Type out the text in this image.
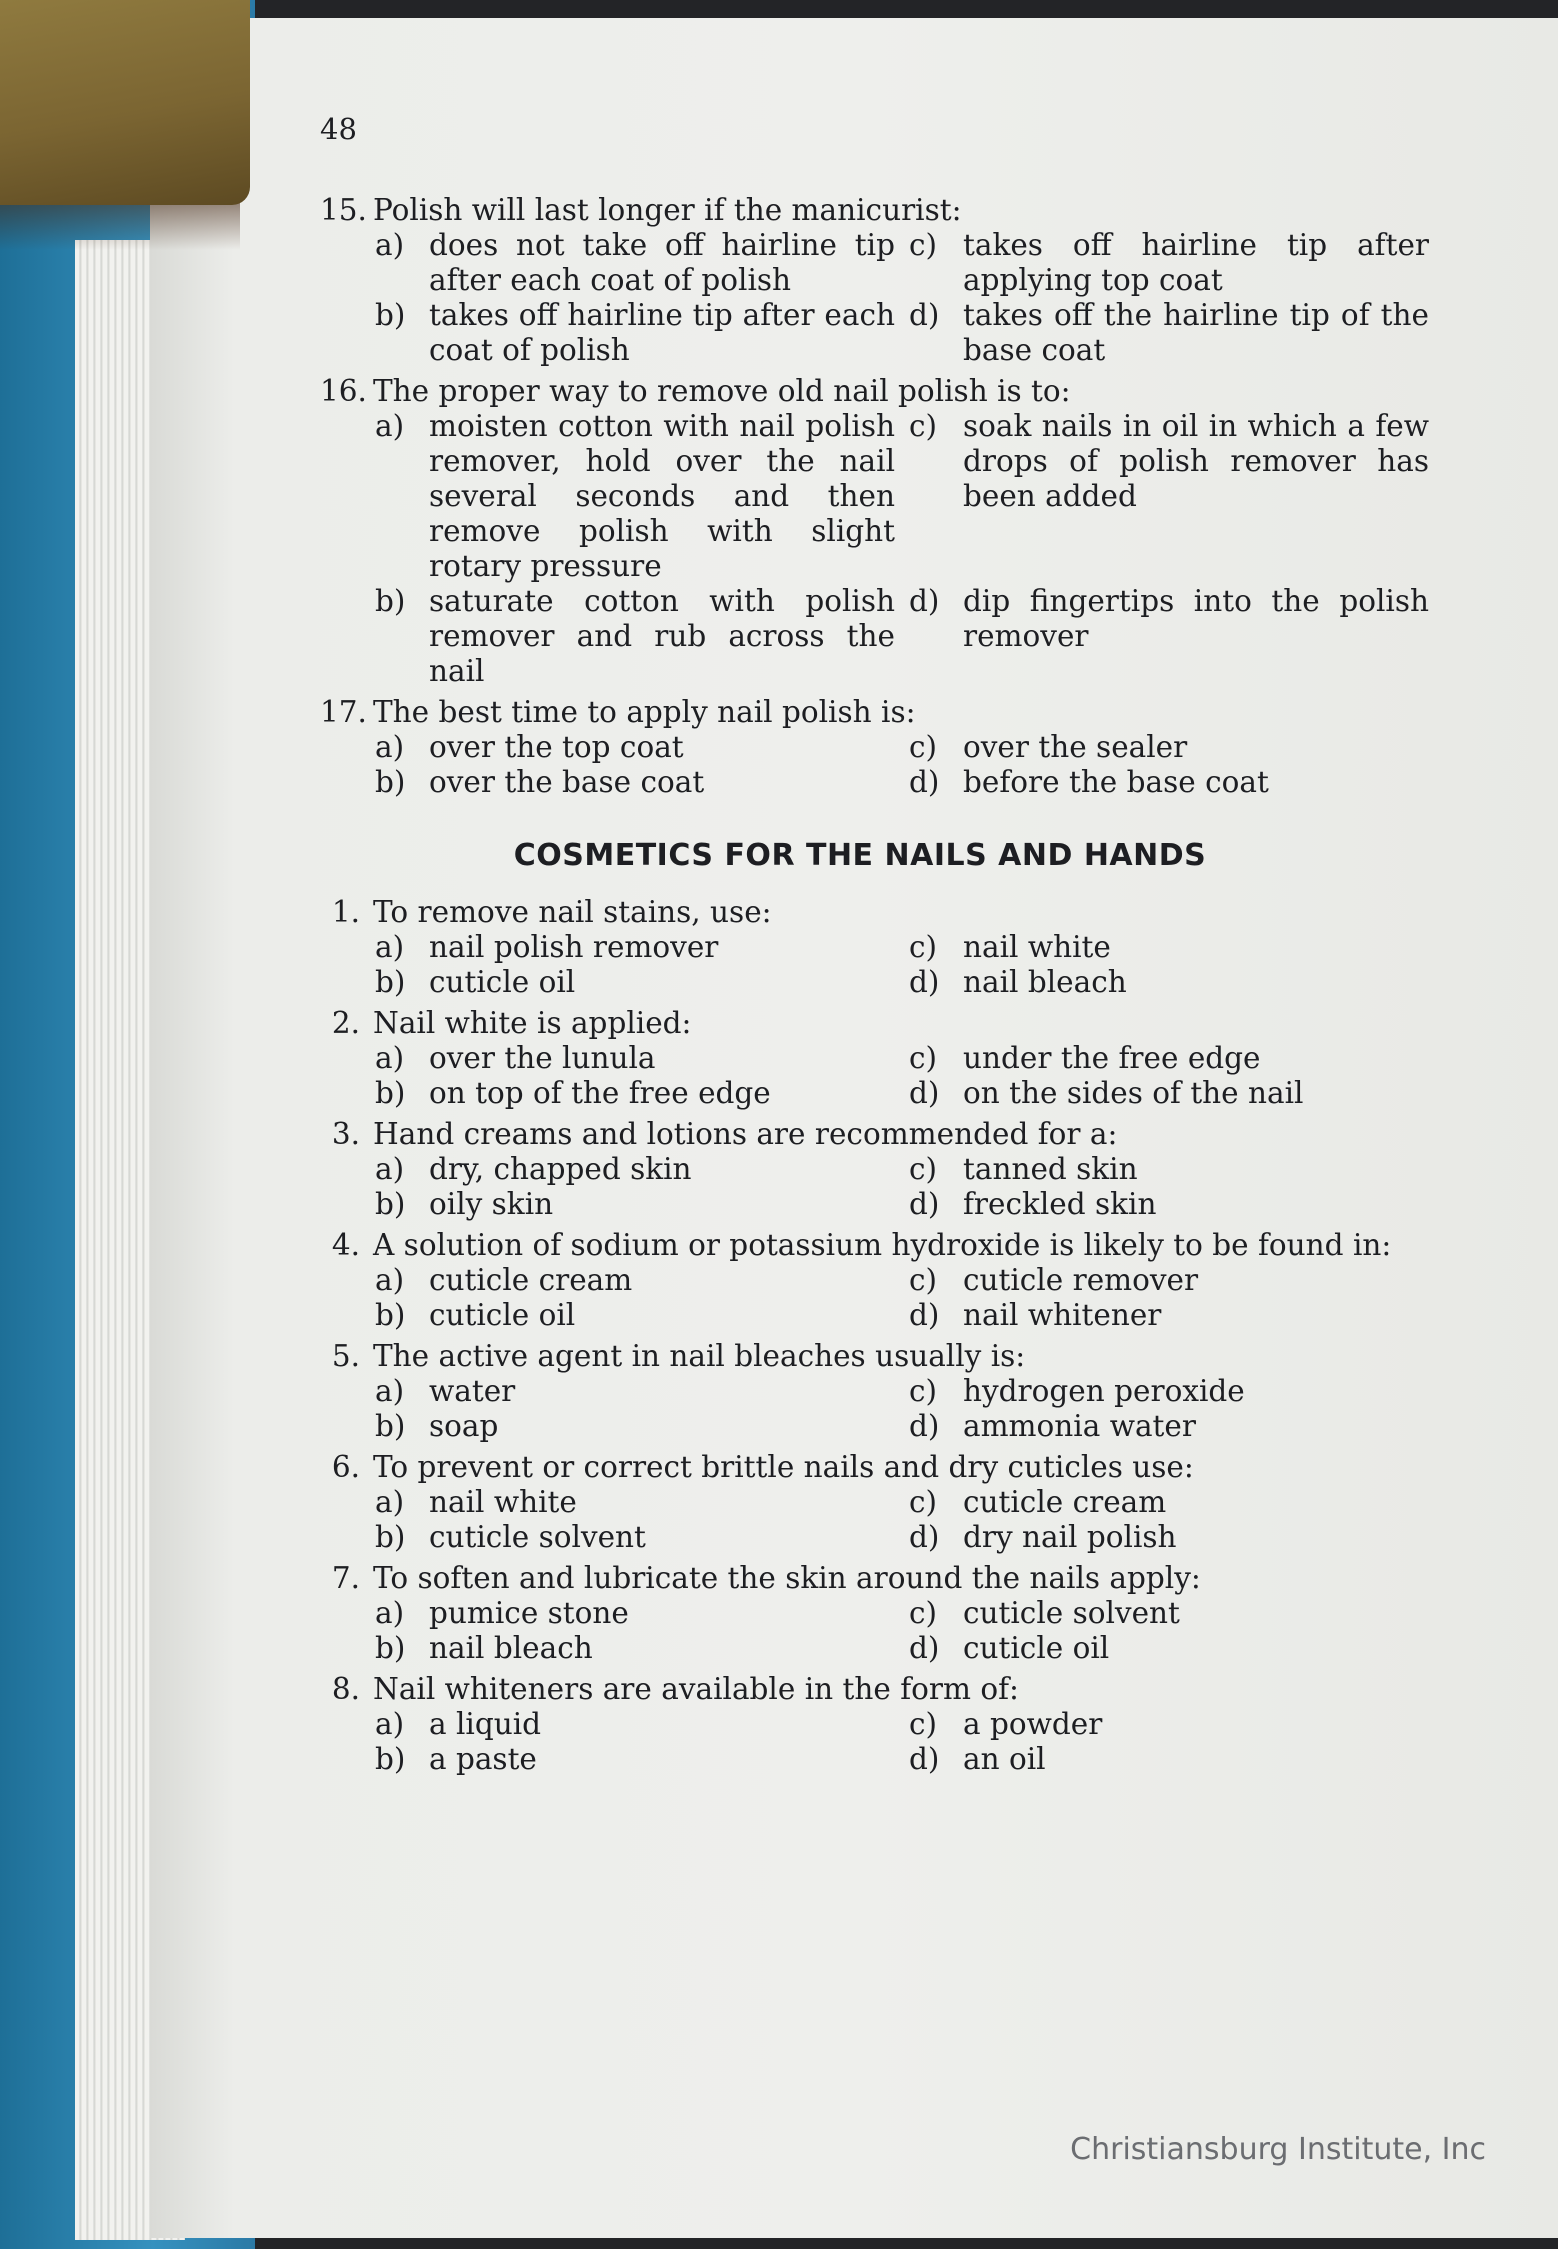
48
15. Polish will last longer if the manicurist:
a) does not take off hairline tip after each coat of polish
c) takes off hairline tip after applying top coat
b) takes off hairline tip after each coat of polish
d) takes off the hairline tip of the base coat
16. The proper way to remove old nail polish is to:
a) moisten cotton with nail polish remover, hold over the nail several seconds and then remove polish with slight rotary pressure
c) soak nails in oil in which a few drops of polish remover has been added
b) saturate cotton with polish remover and rub across the nail
d) dip fingertips into the polish remover
17. The best time to apply nail polish is:
a) over the top coat	c) over the sealer
b) over the base coat	d) before the base coat
COSMETICS FOR THE NAILS AND HANDS
1. To remove nail stains, use:
a) nail polish remover	c) nail white
b) cuticle oil	d) nail bleach
2. Nail white is applied:
a) over the lunula	c) under the free edge
b) on top of the free edge	d) on the sides of the nail
3. Hand creams and lotions are recommended for a:
a) dry, chapped skin	c) tanned skin
b) oily skin	d) freckled skin
4. A solution of sodium or potassium hydroxide is likely to be found in:
a) cuticle cream	c) cuticle remover
b) cuticle oil	d) nail whitener
5. The active agent in nail bleaches usually is:
a) water	c) hydrogen peroxide
b) soap	d) ammonia water
6. To prevent or correct brittle nails and dry cuticles use:
a) nail white	c) cuticle cream
b) cuticle solvent	d) dry nail polish
7. To soften and lubricate the skin around the nails apply:
a) pumice stone	c) cuticle solvent
b) nail bleach	d) cuticle oil
8. Nail whiteners are available in the form of:
a) a liquid	c) a powder
b) a paste	d) an oil
Christiansburg Institute, Inc
